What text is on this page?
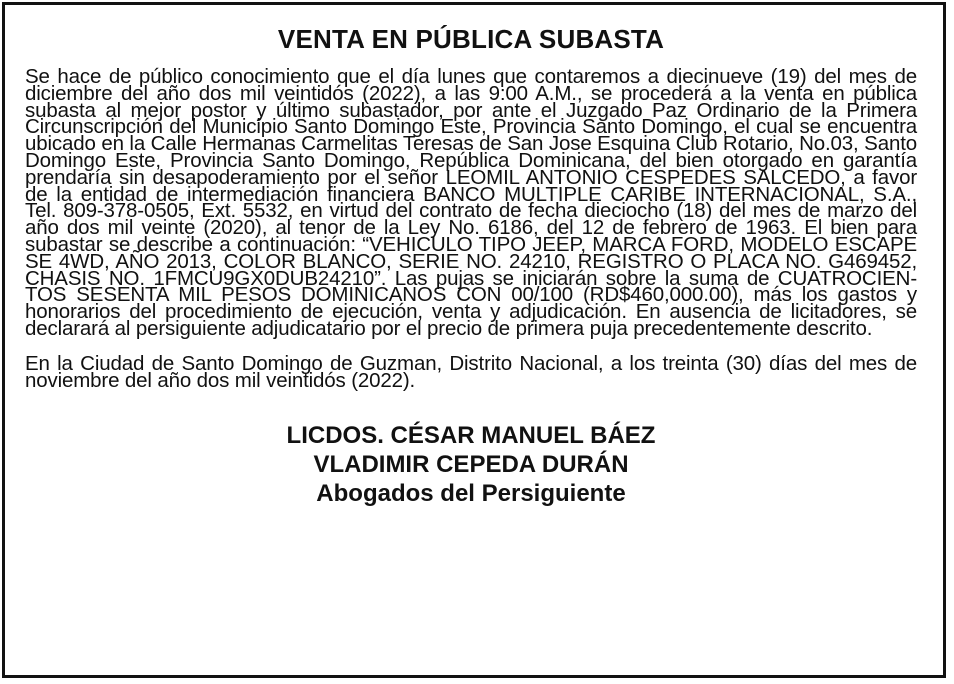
VENTA EN PÚBLICA SUBASTA

Se hace de público conocimiento que el día lunes que contaremos a diecinueve (19) del mes de diciembre del año dos mil veintidós (2022), a las 9:00 A.M., se procederá a la venta en pública subasta al mejor postor y último subastador, por ante el Juzgado Paz Ordinario de la Primera Circunscripción del Municipio Santo Domingo Este, Provincia Santo Domingo, el cual se encuentra ubicado en la Calle Hermanas Carmelitas Teresas de San Jose Esquina Club Rotario, No.03, Santo Domingo Este, Provincia Santo Domingo, República Dominicana, del bien otorgado en garantía prendaría sin desapoderamiento por el señor LEOMIL ANTONIO CESPEDES SALCEDO, a favor de la entidad de intermediación financiera BANCO MULTIPLE CARIBE INTERNACIONAL, S.A., Tel. 809-378-0505, Ext. 5532, en virtud del contrato de fecha dieciocho (18) del mes de marzo del año dos mil veinte (2020), al tenor de la Ley No. 6186, del 12 de febrero de 1963. El bien para subastar se describe a continuación: “VEHICULO TIPO JEEP, MARCA FORD, MODELO ESCAPE SE 4WD, AÑO 2013, COLOR BLANCO, SERIE NO. 24210, REGISTRO O PLACA NO. G469452, CHASIS NO. 1FMCU9GX0DUB24210”. Las pujas se iniciarán sobre la suma de CUATROCIEN-TOS SESENTA MIL PESOS DOMINICANOS CON 00/100 (RD$460,000.00), más los gastos y honorarios del procedimiento de ejecución, venta y adjudicación. En ausencia de licitadores, se declarará al persiguiente adjudicatario por el precio de primera puja precedentemente descrito.

En la Ciudad de Santo Domingo de Guzman, Distrito Nacional, a los treinta (30) días del mes de noviembre del año dos mil veintidós (2022).

LICDOS. CÉSAR MANUEL BÁEZ
VLADIMIR CEPEDA DURÁN
Abogados del Persiguiente
